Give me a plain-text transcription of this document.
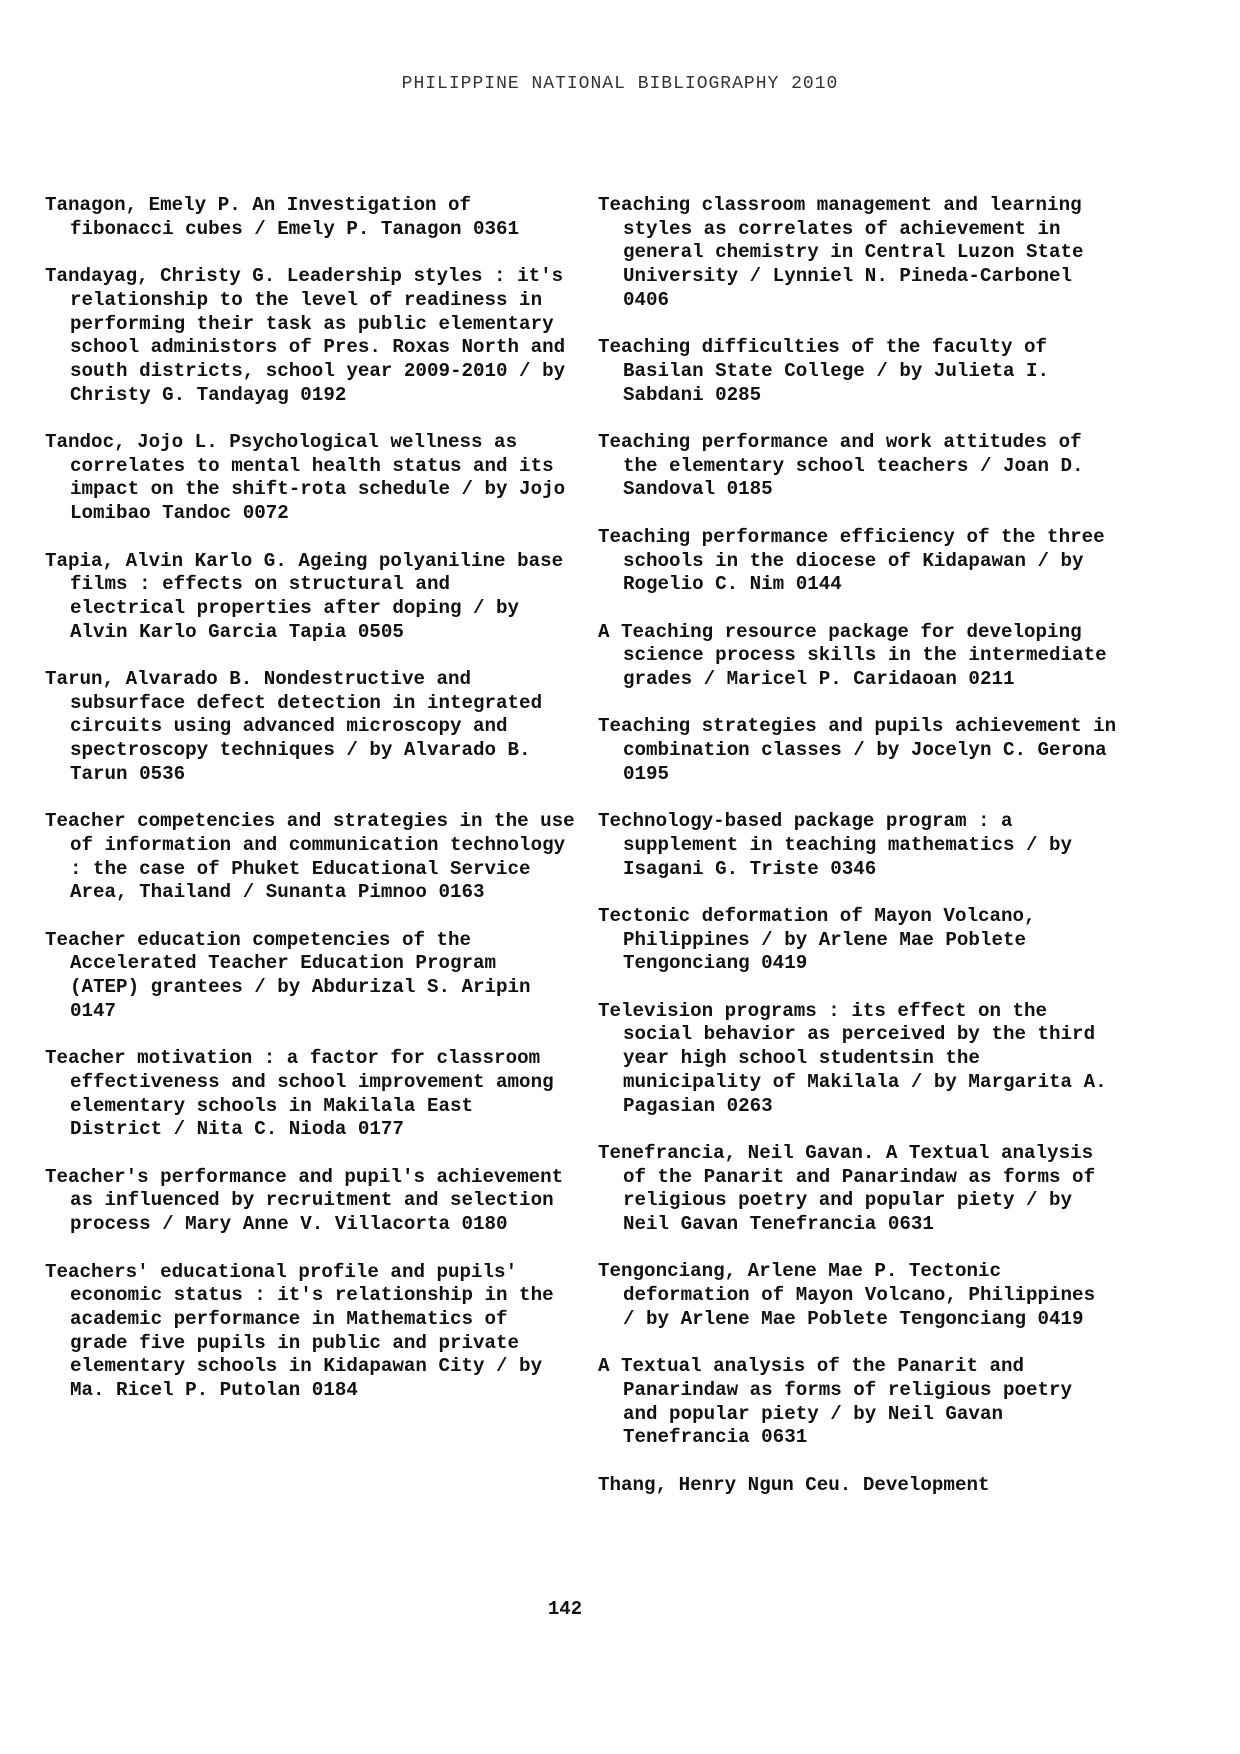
PHILIPPINE NATIONAL BIBLIOGRAPHY 2010

Tanagon, Emely P. An Investigation of fibonacci cubes / Emely P. Tanagon 0361

Tandayag, Christy G. Leadership styles : it's relationship to the level of readiness in performing their task as public elementary school administors of Pres. Roxas North and south districts, school year 2009-2010 / by Christy G. Tandayag 0192

Tandoc, Jojo L. Psychological wellness as correlates to mental health status and its impact on the shift-rota schedule / by Jojo Lomibao Tandoc 0072

Tapia, Alvin Karlo G. Ageing polyaniline base films : effects on structural and electrical properties after doping / by Alvin Karlo Garcia Tapia 0505

Tarun, Alvarado B. Nondestructive and subsurface defect detection in integrated circuits using advanced microscopy and spectroscopy techniques / by Alvarado B. Tarun 0536

Teacher competencies and strategies in the use of information and communication technology : the case of Phuket Educational Service Area, Thailand / Sunanta Pimnoo 0163

Teacher education competencies of the Accelerated Teacher Education Program (ATEP) grantees / by Abdurizal S. Aripin 0147

Teacher motivation : a factor for classroom effectiveness and school improvement among elementary schools in Makilala East District / Nita C. Nioda 0177

Teacher's performance and pupil's achievement as influenced by recruitment and selection process / Mary Anne V. Villacorta 0180

Teachers' educational profile and pupils' economic status : it's relationship in the academic performance in Mathematics of grade five pupils in public and private elementary schools in Kidapawan City / by Ma. Ricel P. Putolan 0184

Teaching classroom management and learning styles as correlates of achievement in general chemistry in Central Luzon State University / Lynniel N. Pineda-Carbonel 0406

Teaching difficulties of the faculty of Basilan State College / by Julieta I. Sabdani 0285

Teaching performance and work attitudes of the elementary school teachers / Joan D. Sandoval 0185

Teaching performance efficiency of the three schools in the diocese of Kidapawan / by Rogelio C. Nim 0144

A Teaching resource package for developing science process skills in the intermediate grades / Maricel P. Caridaoan 0211

Teaching strategies and pupils achievement in combination classes / by Jocelyn C. Gerona 0195

Technology-based package program : a supplement in teaching mathematics / by Isagani G. Triste 0346

Tectonic deformation of Mayon Volcano, Philippines / by Arlene Mae Poblete Tengonciang 0419

Television programs : its effect on the social behavior as perceived by the third year high school studentsin the municipality of Makilala / by Margarita A. Pagasian 0263

Tenefrancia, Neil Gavan. A Textual analysis of the Panarit and Panarindaw as forms of religious poetry and popular piety / by Neil Gavan Tenefrancia 0631

Tengonciang, Arlene Mae P. Tectonic deformation of Mayon Volcano, Philippines / by Arlene Mae Poblete Tengonciang 0419

A Textual analysis of the Panarit and Panarindaw as forms of religious poetry and popular piety / by Neil Gavan Tenefrancia 0631

Thang, Henry Ngun Ceu. Development

142
